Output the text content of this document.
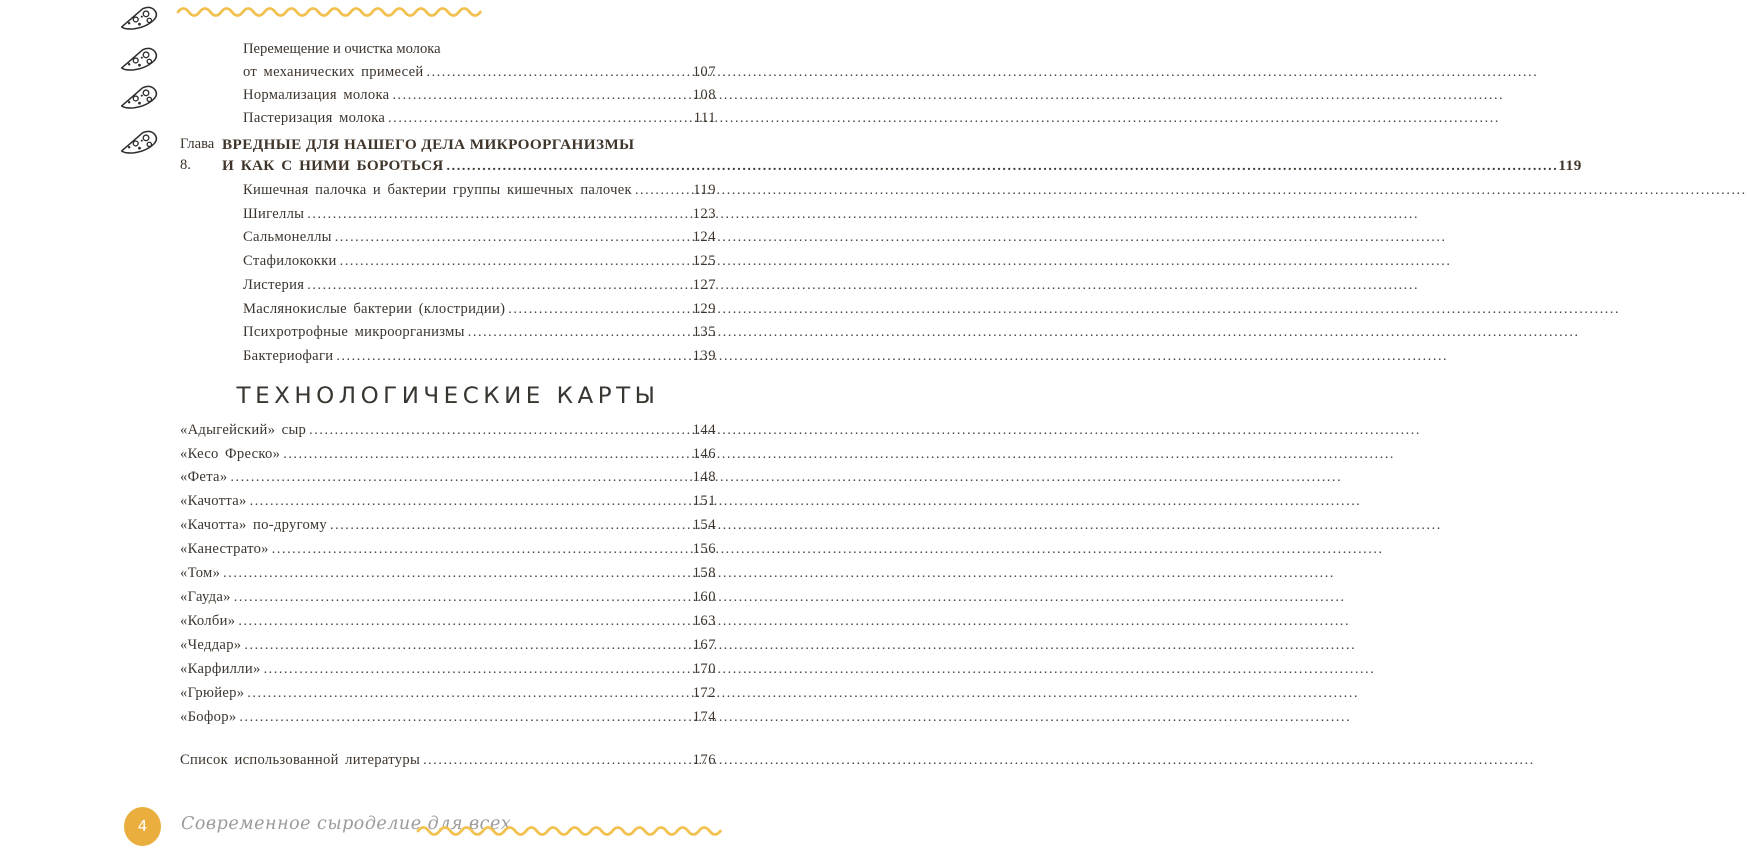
Перемещение и очистка молока
от механических примесей .....	107
Нормализация молока .....	108
Пастеризация молока .....	111
Глава 8.
ВРЕДНЫЕ ДЛЯ НАШЕГО ДЕЛА МИКРООРГАНИЗМЫ
И КАК С НИМИ БОРОТЬСЯ .....	119
Кишечная палочка и бактерии группы кишечных палочек .....	119
Шигеллы .....	123
Сальмонеллы .....	124
Стафилококки .....	125
Листерия .....	127
Маслянокислые бактерии (клостридии) .....	129
Психротрофные микроорганизмы .....	135
Бактериофаги .....	139
ТЕХНОЛОГИЧЕСКИЕ КАРТЫ
«Адыгейский» сыр .....	144
«Кесо Фреско» .....	146
«Фета» .....	148
«Качотта» .....	151
«Качотта» по-другому .....	154
«Канестрато» .....	156
«Том» .....	158
«Гауда» .....	160
«Колби» .....	163
«Чеддар» .....	167
«Карфилли» .....	170
«Грюйер» .....	172
«Бофор» .....	174
Список использованной литературы .....	176
4	Современное сыроделие для всех
